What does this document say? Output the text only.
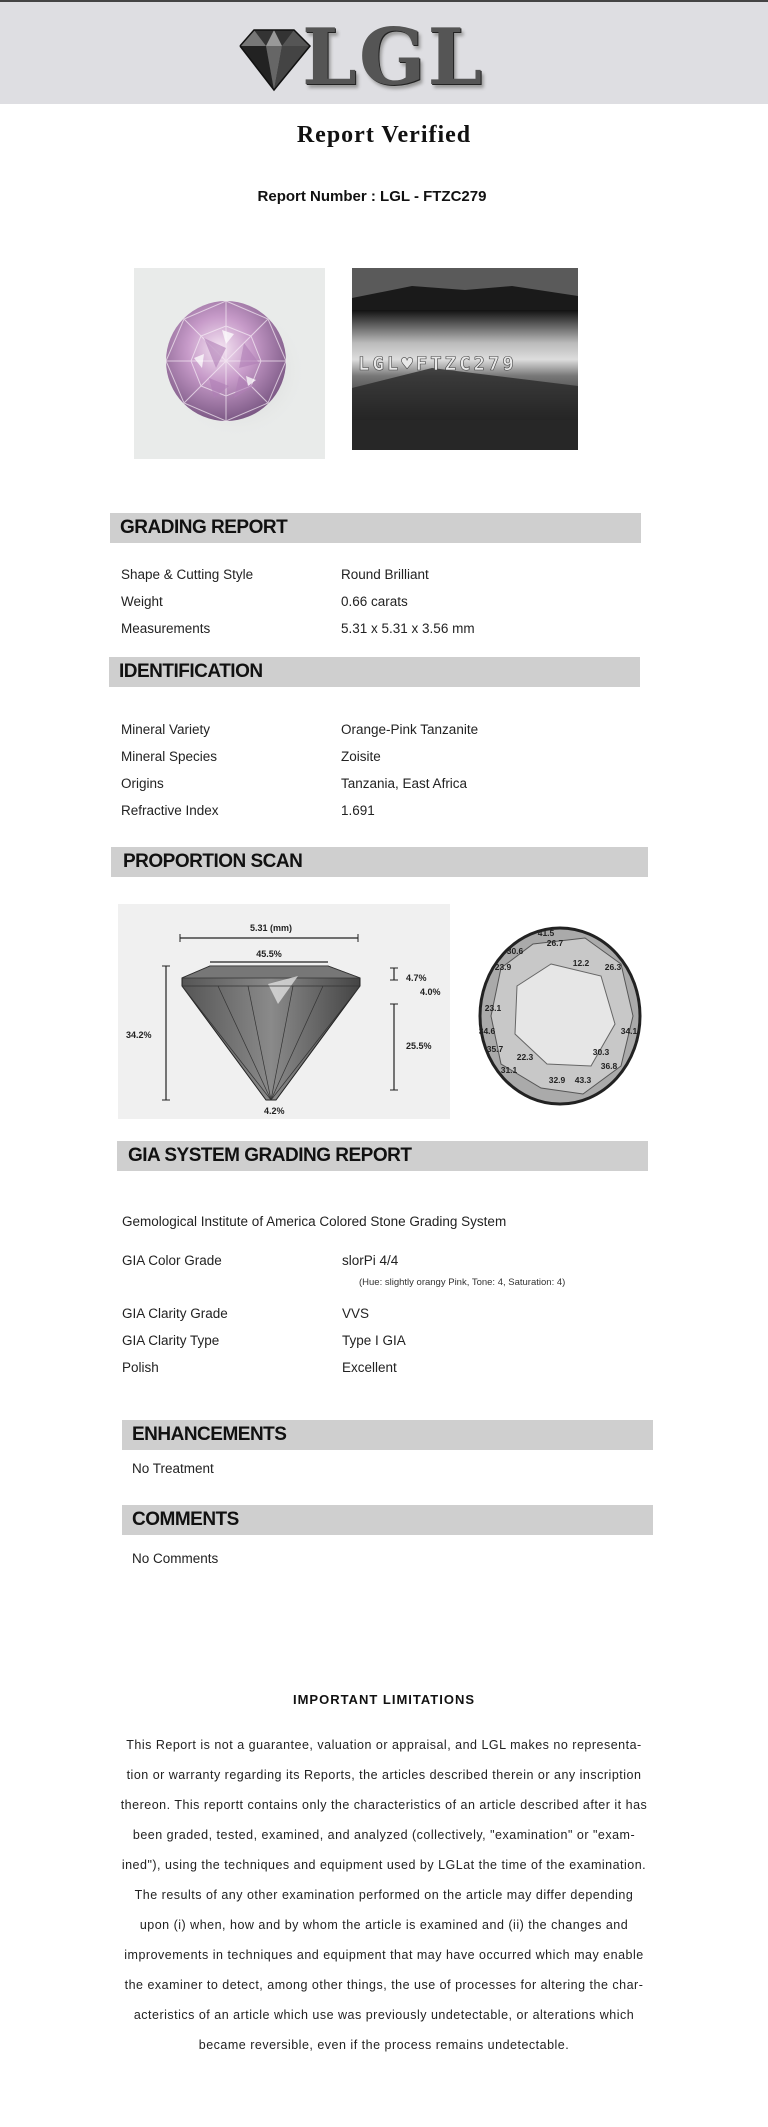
LGL
Report Verified
Report Number : LGL - FTZC279
LGL♥FTZC279
GRADING REPORT
Shape & Cutting Style	Round Brilliant
Weight	0.66 carats
Measurements	5.31 x 5.31 x 3.56 mm
IDENTIFICATION
Mineral Variety	Orange-Pink Tanzanite
Mineral Species	Zoisite
Origins	Tanzania, East Africa
Refractive Index	1.691
PROPORTION SCAN
5.31 (mm)
45.5%
34.2%
4.7%
4.0%
25.5%
4.2%
41.5
26.7
30.6
23.9	12.2 26.3
23.1
34.6
35.7
22.3
31.1
32.9 43.3
30.3
36.8
34.1
GIA SYSTEM GRADING REPORT
Gemological Institute of America Colored Stone Grading System
GIA Color Grade	slorPi 4/4
(Hue: slightly orangy Pink, Tone: 4, Saturation: 4)
GIA Clarity Grade	VVS
GIA Clarity Type	Type I GIA
Polish	Excellent
ENHANCEMENTS
No Treatment
COMMENTS
No Comments
IMPORTANT LIMITATIONS

This Report is not a guarantee, valuation or appraisal, and LGL makes no representa-

tion or warranty regarding its Reports, the articles described therein or any inscription

thereon. This reportt contains only the characteristics of an article described after it has

been graded, tested, examined, and analyzed (collectively, "examination" or "exam-

ined"), using the techniques and equipment used by LGLat the time of the examination.

The results of any other examination performed on the article may differ depending

upon (i) when, how and by whom the article is examined and (ii) the changes and

improvements in techniques and equipment that may have occurred which may enable

the examiner to detect, among other things, the use of processes for altering the char-

acteristics of an article which use was previously undetectable, or alterations which

became reversible, even if the process remains undetectable.
